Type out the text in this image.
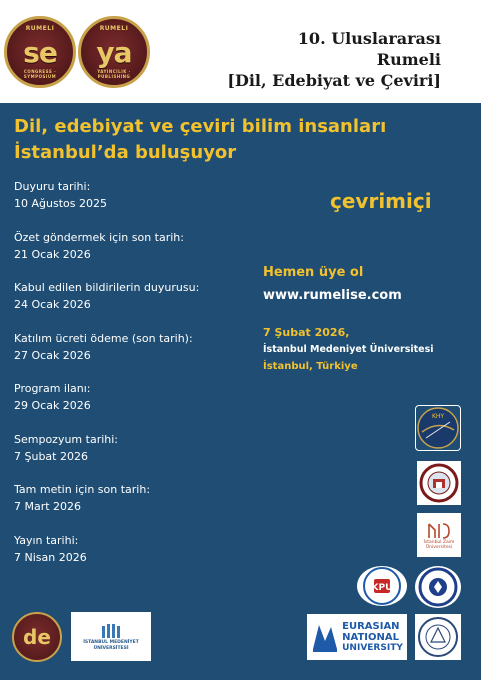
RUMELI
se
CONGRESS · SYMPOSIUM
RUMELI
ya
YAYINCILIK · PUBLISHING
10. Uluslararası
Rumeli
[Dil, Edebiyat ve Çeviri]
Dil, edebiyat ve çeviri bilim insanları
İstanbul’da buluşuyor
Duyuru tarihi:
10 Ağustos 2025
Özet göndermek için son tarih:
21 Ocak 2026
Kabul edilen bildirilerin duyurusu:
24 Ocak 2026
Katılım ücreti ödeme (son tarih):
27 Ocak 2026
Program ilanı:
29 Ocak 2026
Sempozyum tarihi:
7 Şubat 2026
Tam metin için son tarih:
7 Mart 2026
Yayın tarihi:
7 Nisan 2026
çevrimiçi
Hemen üye ol
www.rumelise.com
7 Şubat 2026,
İstanbul Medeniyet Üniversitesi
İstanbul, Türkiye
KHY
İstanbul Zaim Üniversitesi
KPU
EURASIAN
NATIONAL
UNIVERSITY
de	İSTANBUL MEDENİYET
ÜNİVERSİTESİ
